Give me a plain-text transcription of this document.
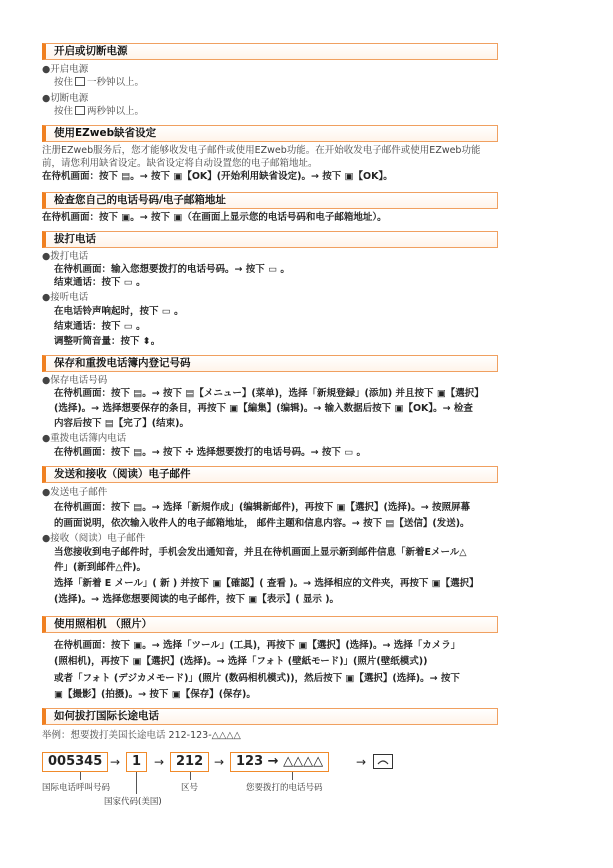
开启或切断电源
●开启电源
按住 一秒钟以上。
●切断电源
按住 两秒钟以上。
使用EZweb缺省设定
注册EZweb服务后，您才能够收发电子邮件或使用EZweb功能。在开始收发电子邮件或使用EZweb功能
前，请您利用缺省设定。缺省设定将自动设置您的电子邮箱地址。
在待机画面：按下 ▤。→ 按下 ▣【OK】(开始利用缺省设定)。→ 按下 ▣【OK】。
检查您自己的电话号码/电子邮箱地址
在待机画面：按下 ▣。→ 按下 ▣（在画面上显示您的电话号码和电子邮箱地址）。
拔打电话
●拨打电话
在待机画面：输入您想要拨打的电话号码。→ 按下 ▭ 。
结束通话：按下 ▭ 。
●接听电话
在电话铃声响起时，按下 ▭ 。
结束通话：按下 ▭ 。
调整听筒音量：按下 ⬍。
保存和重拨电话簿内登记号码
●保存电话号码
在待机画面：按下 ▤。→ 按下 ▤【メニュー】(菜单)，选择「新規登録」(添加) 并且按下 ▣【選択】
(选择)。→ 选择想要保存的条目，再按下 ▣【編集】(编辑)。→ 输入数据后按下 ▣【OK】。→ 检查
内容后按下 ▤【完了】(结束)。
●重拨电话簿内电话
在待机画面：按下 ▤。→ 按下 ✣ 选择想要拨打的电话号码。→ 按下 ▭ 。
发送和接收（阅读）电子邮件
●发送电子邮件
在待机画面：按下 ▤。→ 选择「新規作成」(编辑新邮件)，再按下 ▣【選択】(选择)。→ 按照屏幕
的画面说明，依次输入收件人的电子邮箱地址， 邮件主题和信息内容。→ 按下 ▤【送信】(发送)。
●接收（阅读）电子邮件
当您接收到电子邮件时，手机会发出通知音，并且在待机画面上显示新到邮件信息「新着Eメール△
件」(新到邮件△件)。
选择「新着 E メール」( 新 ) 并按下 ▣【確認】( 查看 )。→ 选择相应的文件夹，再按下 ▣【選択】
(选择)。→ 选择您想要阅读的电子邮件，按下 ▣【表示】( 显示 )。
使用照相机 （照片）
在待机画面：按下 ▣。→ 选择「ツール」(工具)，再按下 ▣【選択】(选择)。→ 选择「カメラ」
(照相机)，再按下 ▣【選択】(选择)。→ 选择「フォト (壁紙モード)」(照片(壁纸模式))
或者「フォト (デジカメモード)」(照片 (数码相机模式))，然后按下 ▣【選択】(选择)。→ 按下
▣【撮影】(拍摄)。→ 按下 ▣【保存】(保存)。
如何拔打国际长途电话
举例：想要拨打美国长途电话 212-123-△△△△
005345 → 1	→ 212 → 123 → △△△△	→
国际电话呼叫号码
国家代码(美国)
区号	您要拨打的电话号码
